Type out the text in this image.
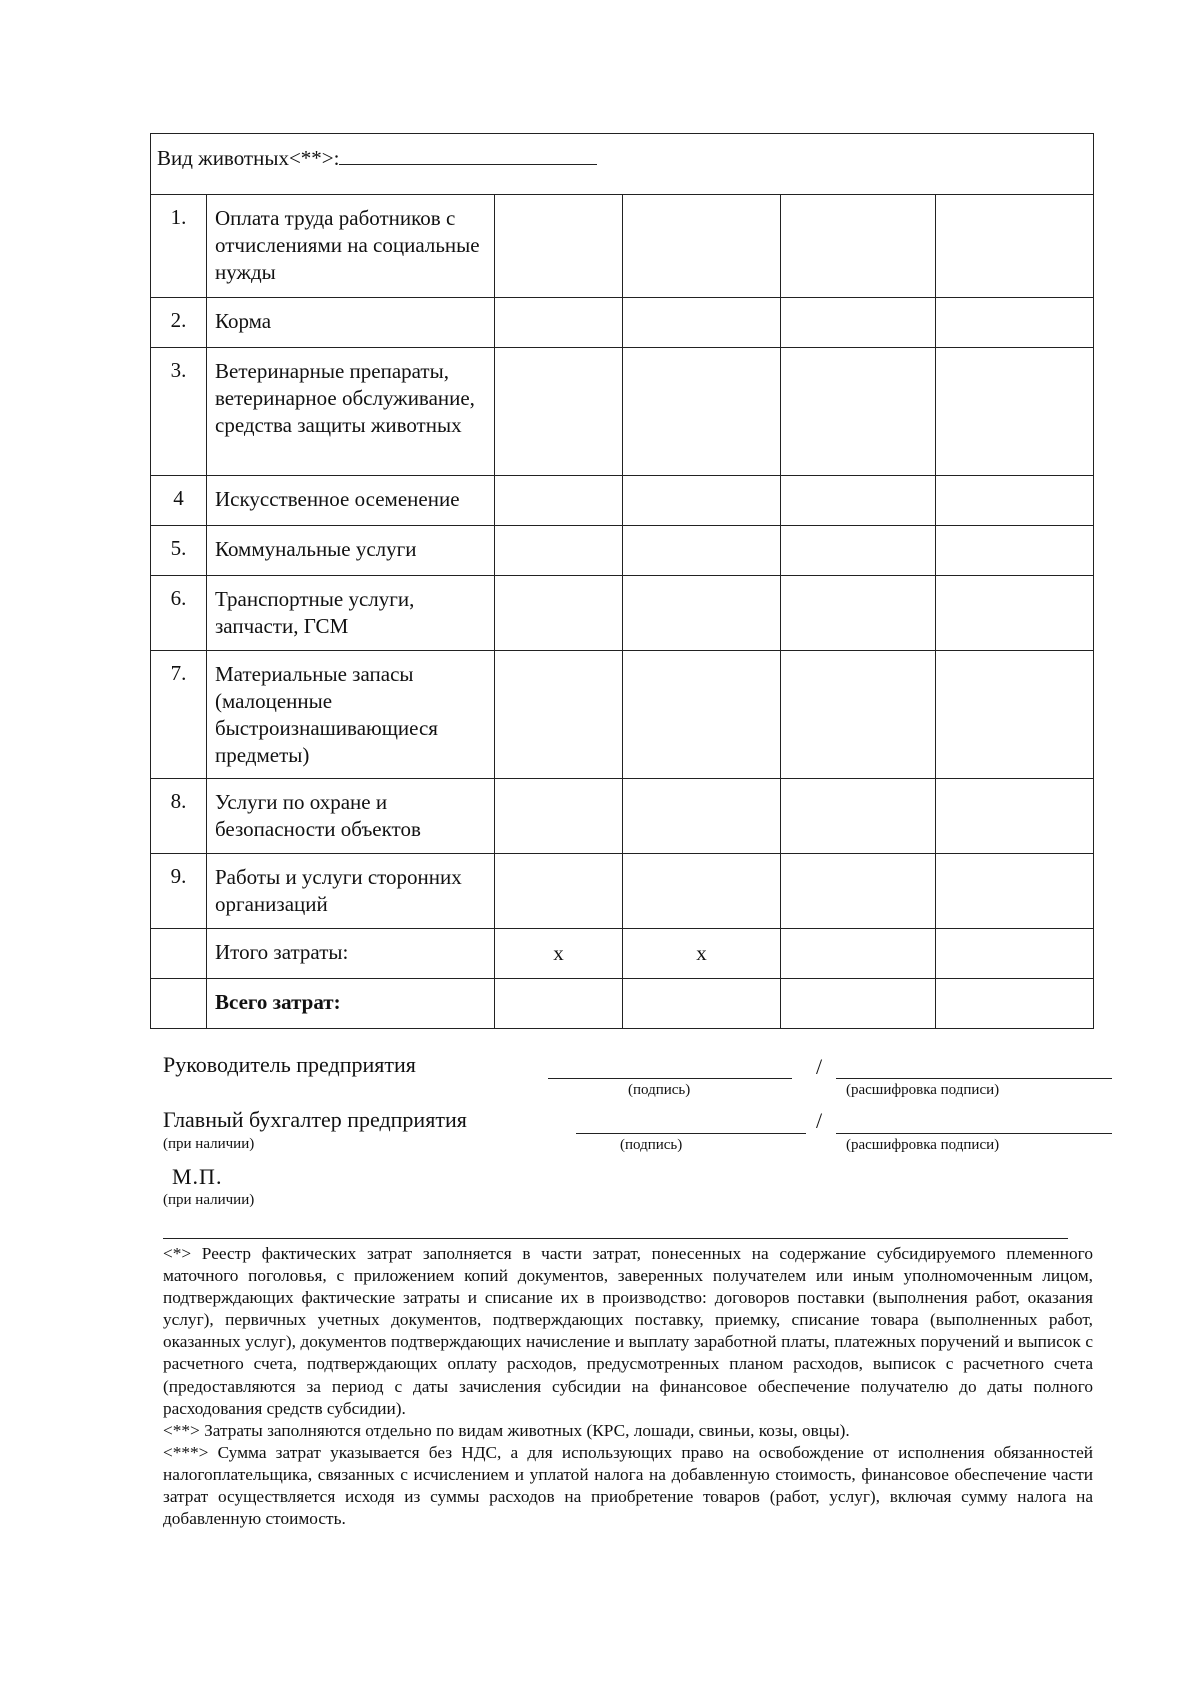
Вид животных<**>:					
1.	Оплата труда работников с отчислениями на социальные нужды				
2.	Корма				
3.	Ветеринарные препараты, ветеринарное обслуживание, средства защиты животных				
4	Искусственное осеменение				
5.	Коммунальные услуги				
6.	Транспортные услуги, запчасти, ГСМ				
7.	Материальные запасы (малоценные быстроизнашивающиеся предметы)				
8.	Услуги по охране и безопасности объектов				
9.	Работы и услуги сторонних организаций				
	Итого затраты:	х	х		
	Всего затрат:				
Руководитель предприятия	/
(подпись)	(расшифровка подписи)
Главный бухгалтер предприятия
(при наличии)
/
(подпись)	(расшифровка подписи)
М.П.
(при наличии)

<*> Реестр фактических затрат заполняется в части затрат, понесенных на содержание субсидируемого племенного маточного поголовья, с приложением копий документов, заверенных получателем или иным уполномоченным лицом, подтверждающих фактические затраты и списание их в производство: договоров поставки (выполнения работ, оказания услуг), первичных учетных документов, подтверждающих поставку, приемку, списание товара (выполненных работ, оказанных услуг), документов подтверждающих начисление и выплату заработной платы, платежных поручений и выписок с расчетного счета, подтверждающих оплату расходов, предусмотренных планом расходов, выписок с расчетного счета (предоставляются за период с даты зачисления субсидии на финансовое обеспечение получателю до даты полного расходования средств субсидии).

<**> Затраты заполняются отдельно по видам животных (КРС, лошади, свиньи, козы, овцы).

<***> Сумма затрат указывается без НДС, а для использующих право на освобождение от исполнения обязанностей налогоплательщика, связанных с исчислением и уплатой налога на добавленную стоимость, финансовое обеспечение части затрат осуществляется исходя из суммы расходов на приобретение товаров (работ, услуг), включая сумму налога на добавленную стоимость.
